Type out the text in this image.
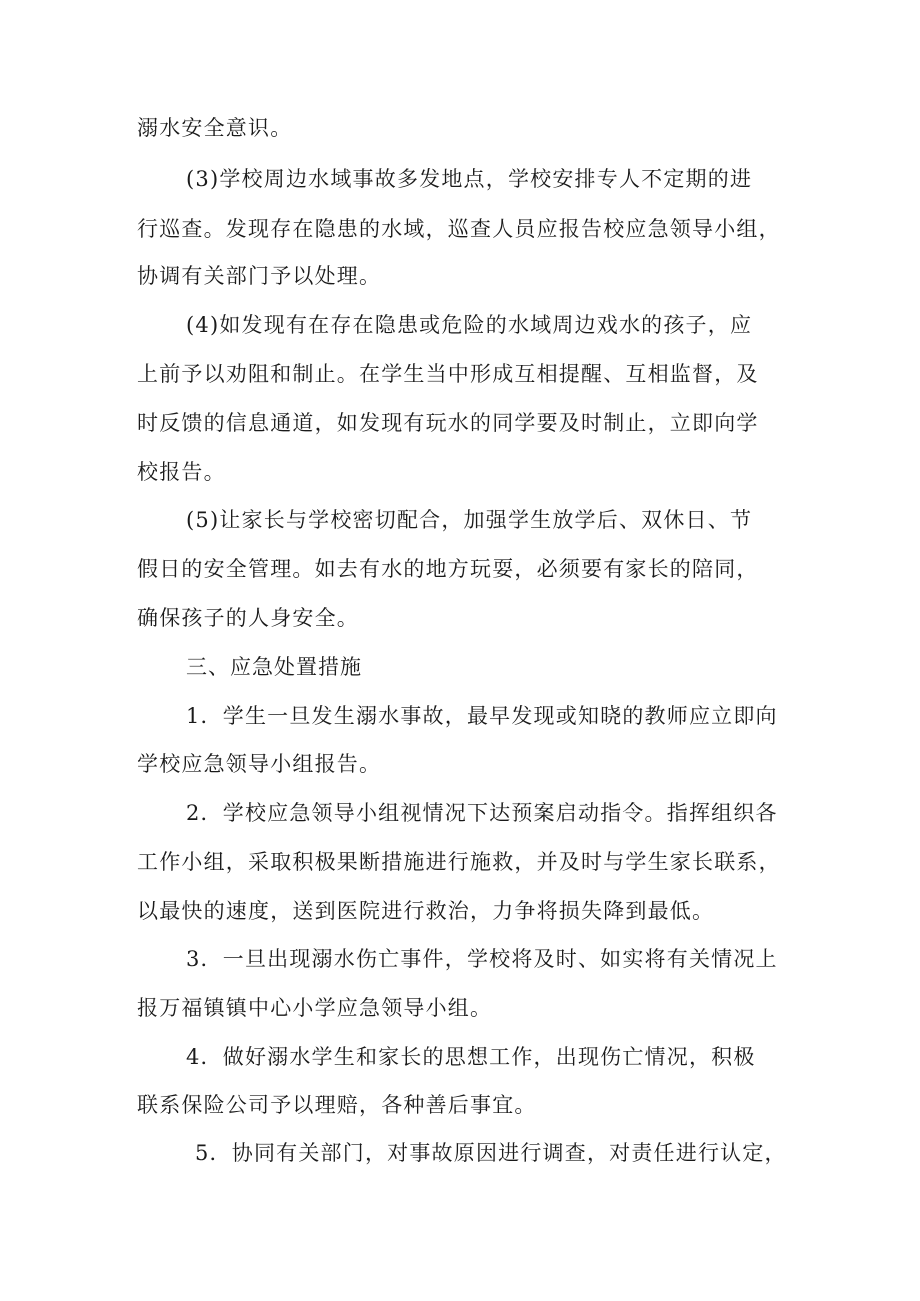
溺水安全意识。
(3)学校周边水域事故多发地点，学校安排专人不定期的进
行巡查。发现存在隐患的水域，巡查人员应报告校应急领导小组，
协调有关部门予以处理。
(4)如发现有在存在隐患或危险的水域周边戏水的孩子，应
上前予以劝阻和制止。在学生当中形成互相提醒、互相监督，及
时反馈的信息通道，如发现有玩水的同学要及时制止，立即向学
校报告。
(5)让家长与学校密切配合，加强学生放学后、双休日、节
假日的安全管理。如去有水的地方玩耍，必须要有家长的陪同，
确保孩子的人身安全。
三、应急处置措施
1．学生一旦发生溺水事故，最早发现或知晓的教师应立即向
学校应急领导小组报告。
2．学校应急领导小组视情况下达预案启动指令。指挥组织各
工作小组，采取积极果断措施进行施救，并及时与学生家长联系，
以最快的速度，送到医院进行救治，力争将损失降到最低。
3．一旦出现溺水伤亡事件，学校将及时、如实将有关情况上
报万福镇镇中心小学应急领导小组。
4．做好溺水学生和家长的思想工作，出现伤亡情况，积极
联系保险公司予以理赔，各种善后事宜。
5．协同有关部门，对事故原因进行调查，对责任进行认定，
